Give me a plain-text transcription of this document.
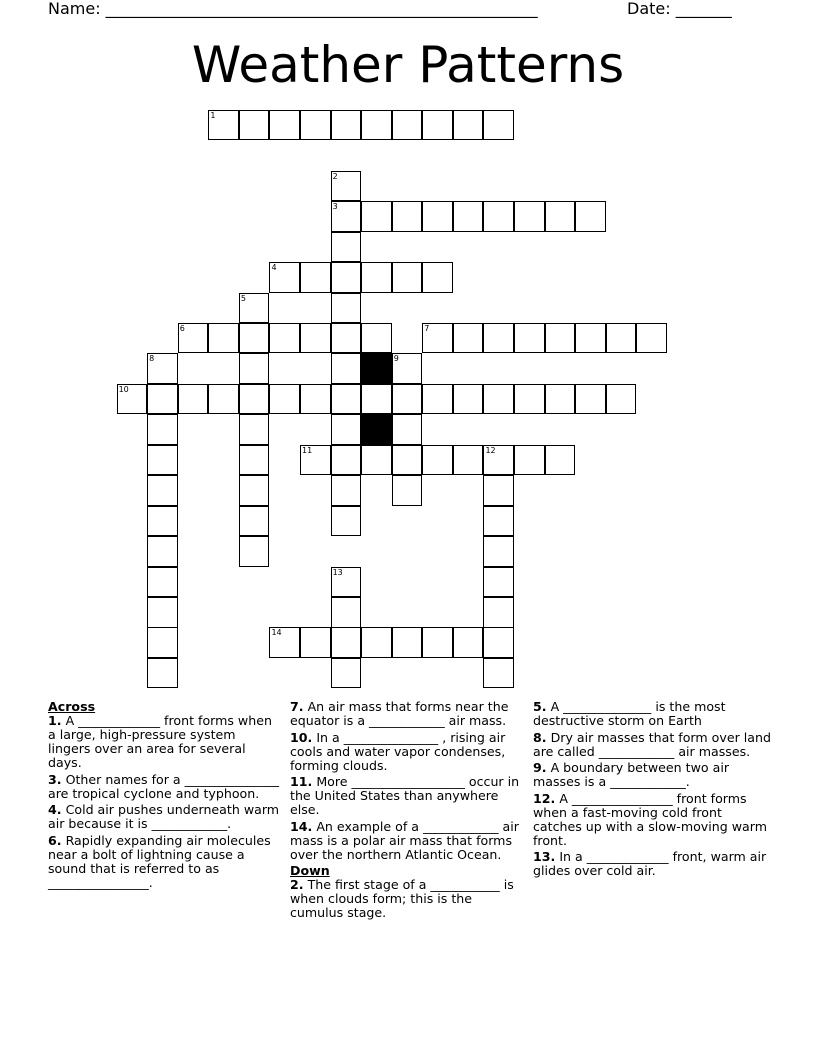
Name: ______________________________________________________	Date: _______
Weather Patterns
1
2
3
4
5
6	7
8	9
10
11	12
13
14

Across

1. A _____________ front forms when a large, high-pressure system lingers over an area for several days.

3. Other names for a _______________ are tropical cyclone and typhoon.

4. Cold air pushes underneath warm air because it is ____________.

6. Rapidly expanding air molecules near a bolt of lightning cause a sound that is referred to as ________________.

7. An air mass that forms near the equator is a ____________ air mass.

10. In a _______________ , rising air cools and water vapor condenses, forming clouds.

11. More __________________ occur in the United States than anywhere else.

14. An example of a ____________ air mass is a polar air mass that forms over the northern Atlantic Ocean.

Down

2. The first stage of a ___________ is when clouds form; this is the cumulus stage.

5. A ______________ is the most destructive storm on Earth

8. Dry air masses that form over land are called ____________ air masses.

9. A boundary between two air masses is a ____________.

12. A ________________ front forms when a fast-moving cold front catches up with a slow-moving warm front.

13. In a _____________ front, warm air glides over cold air.
